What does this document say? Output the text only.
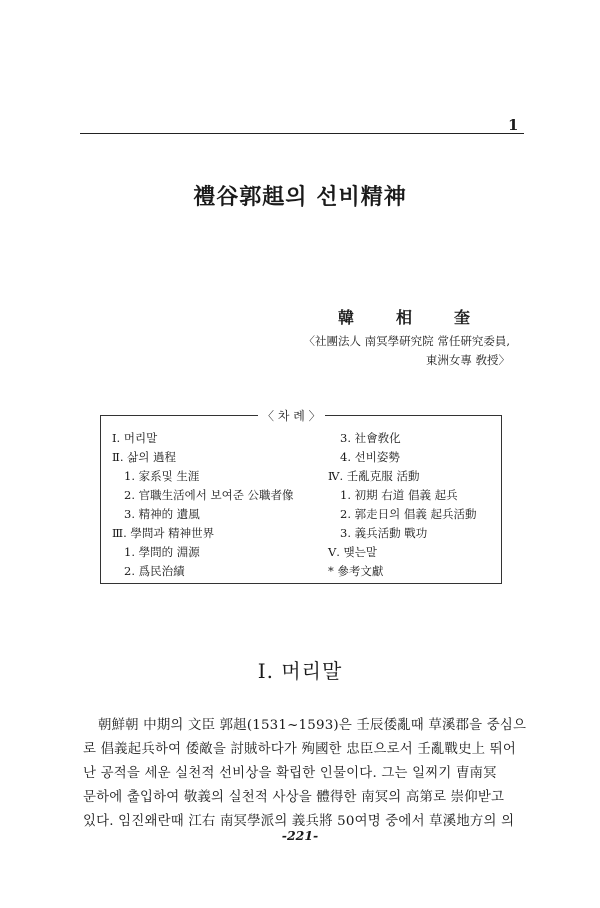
1
禮谷郭趄의 선비精神
韓相奎
〈社團法人 南冥學硏究院 常任硏究委員,
東洲女專 敎授〉
〈 차 례 〉
Ⅰ. 머리말
Ⅱ. 삶의 過程
1. 家系및 生涯
2. 官職生活에서 보여준 公職者像
3. 精神的 遺風
Ⅲ. 學問과 精神世界
1. 學問的 淵源
2. 爲民治績
3. 社會敎化
4. 선비姿勢
Ⅳ. 壬亂克服 活動
1. 初期 右道 倡義 起兵
2. 郭走日의 倡義 起兵活動
3. 義兵活動 戰功
Ⅴ. 맺는말
* 參考文獻
Ⅰ. 머리말
朝鮮朝 中期의 文臣 郭趄(1531~1593)은 壬辰倭亂때 草溪郡을 중심으
로 倡義起兵하여 倭敵을 討賊하다가 殉國한 忠臣으로서 壬亂戰史上 뛰어
난 공적을 세운 실천적 선비상을 확립한 인물이다. 그는 일찌기 曺南冥
문하에 출입하여 敬義의 실천적 사상을 體得한 南冥의 高第로 崇仰받고
있다. 임진왜란때 江右 南冥學派의 義兵將 50여명 중에서 草溪地方의 의
-221-
